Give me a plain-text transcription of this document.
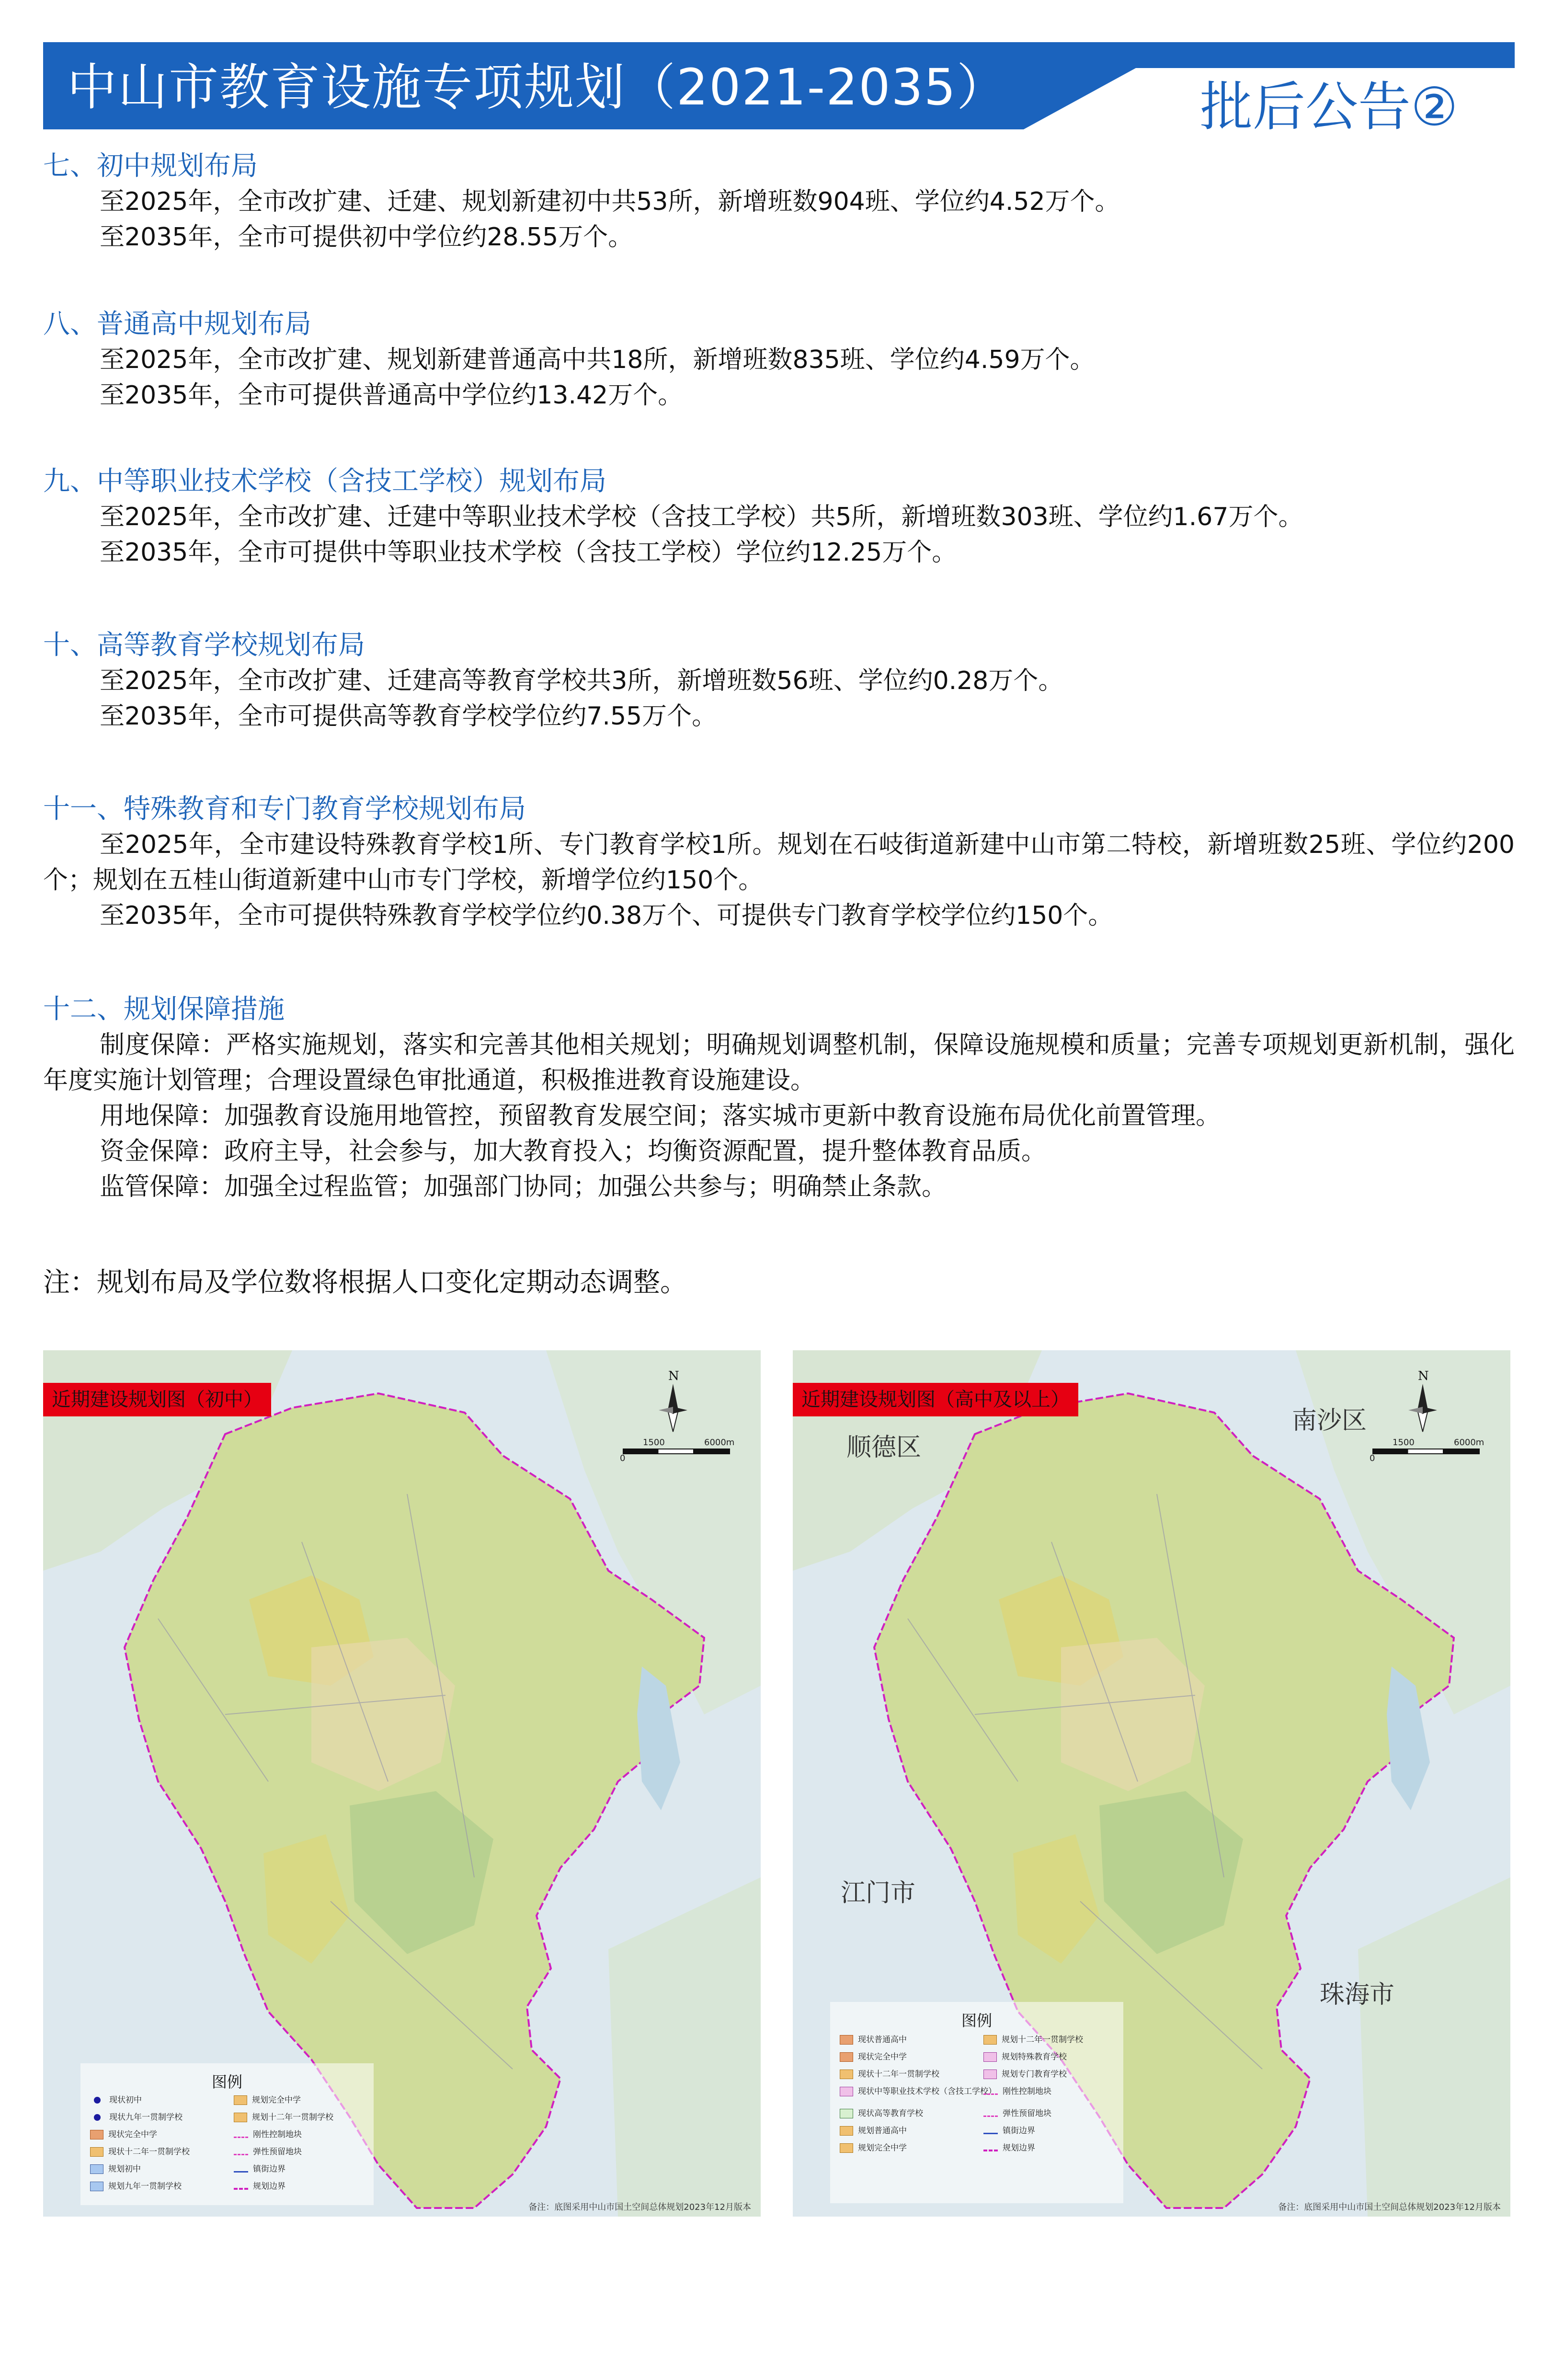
中山市教育设施专项规划（2021-2035）	批后公告②
七、初中规划布局
至2025年，全市改扩建、迁建、规划新建初中共53所，新增班数904班、学位约4.52万个。
至2035年，全市可提供初中学位约28.55万个。
八、普通高中规划布局
至2025年，全市改扩建、规划新建普通高中共18所，新增班数835班、学位约4.59万个。
至2035年，全市可提供普通高中学位约13.42万个。
九、中等职业技术学校（含技工学校）规划布局
至2025年，全市改扩建、迁建中等职业技术学校（含技工学校）共5所，新增班数303班、学位约1.67万个。
至2035年，全市可提供中等职业技术学校（含技工学校）学位约12.25万个。
十、高等教育学校规划布局
至2025年，全市改扩建、迁建高等教育学校共3所，新增班数56班、学位约0.28万个。
至2035年，全市可提供高等教育学校学位约7.55万个。
十一、特殊教育和专门教育学校规划布局
至2025年，全市建设特殊教育学校1所、专门教育学校1所。规划在石岐街道新建中山市第二特校，新增班数25班、学位约200个；规划在五桂山街道新建中山市专门学校，新增学位约150个。
至2035年，全市可提供特殊教育学校学位约0.38万个、可提供专门教育学校学位约150个。
十二、规划保障措施
制度保障：严格实施规划，落实和完善其他相关规划；明确规划调整机制，保障设施规模和质量；完善专项规划更新机制，强化年度实施计划管理；合理设置绿色审批通道，积极推进教育设施建设。
用地保障：加强教育设施用地管控，预留教育发展空间；落实城市更新中教育设施布局优化前置管理。
资金保障：政府主导，社会参与，加大教育投入；均衡资源配置，提升整体教育品质。
监管保障：加强全过程监管；加强部门协同；加强公共参与；明确禁止条款。
注：规划布局及学位数将根据人口变化定期动态调整。
近期建设规划图（初中）
N
0
1500	6000m
图例
现状初中
现状九年一贯制学校
现状完全中学
现状十二年一贯制学校
规划初中
规划九年一贯制学校
规划完全中学
规划十二年一贯制学校
刚性控制地块
弹性预留地块
镇街边界
规划边界
备注：底图采用中山市国土空间总体规划2023年12月版本
近期建设规划图（高中及以上）
顺德区
南沙区
江门市
珠海市
N
0
1500	6000m
图例
现状普通高中
现状完全中学
现状十二年一贯制学校
现状中等职业技术学校（含技工学校）
现状高等教育学校
规划普通高中
规划完全中学
规划十二年一贯制学校
规划特殊教育学校
规划专门教育学校
刚性控制地块
弹性预留地块
镇街边界
规划边界
备注：底图采用中山市国土空间总体规划2023年12月版本
